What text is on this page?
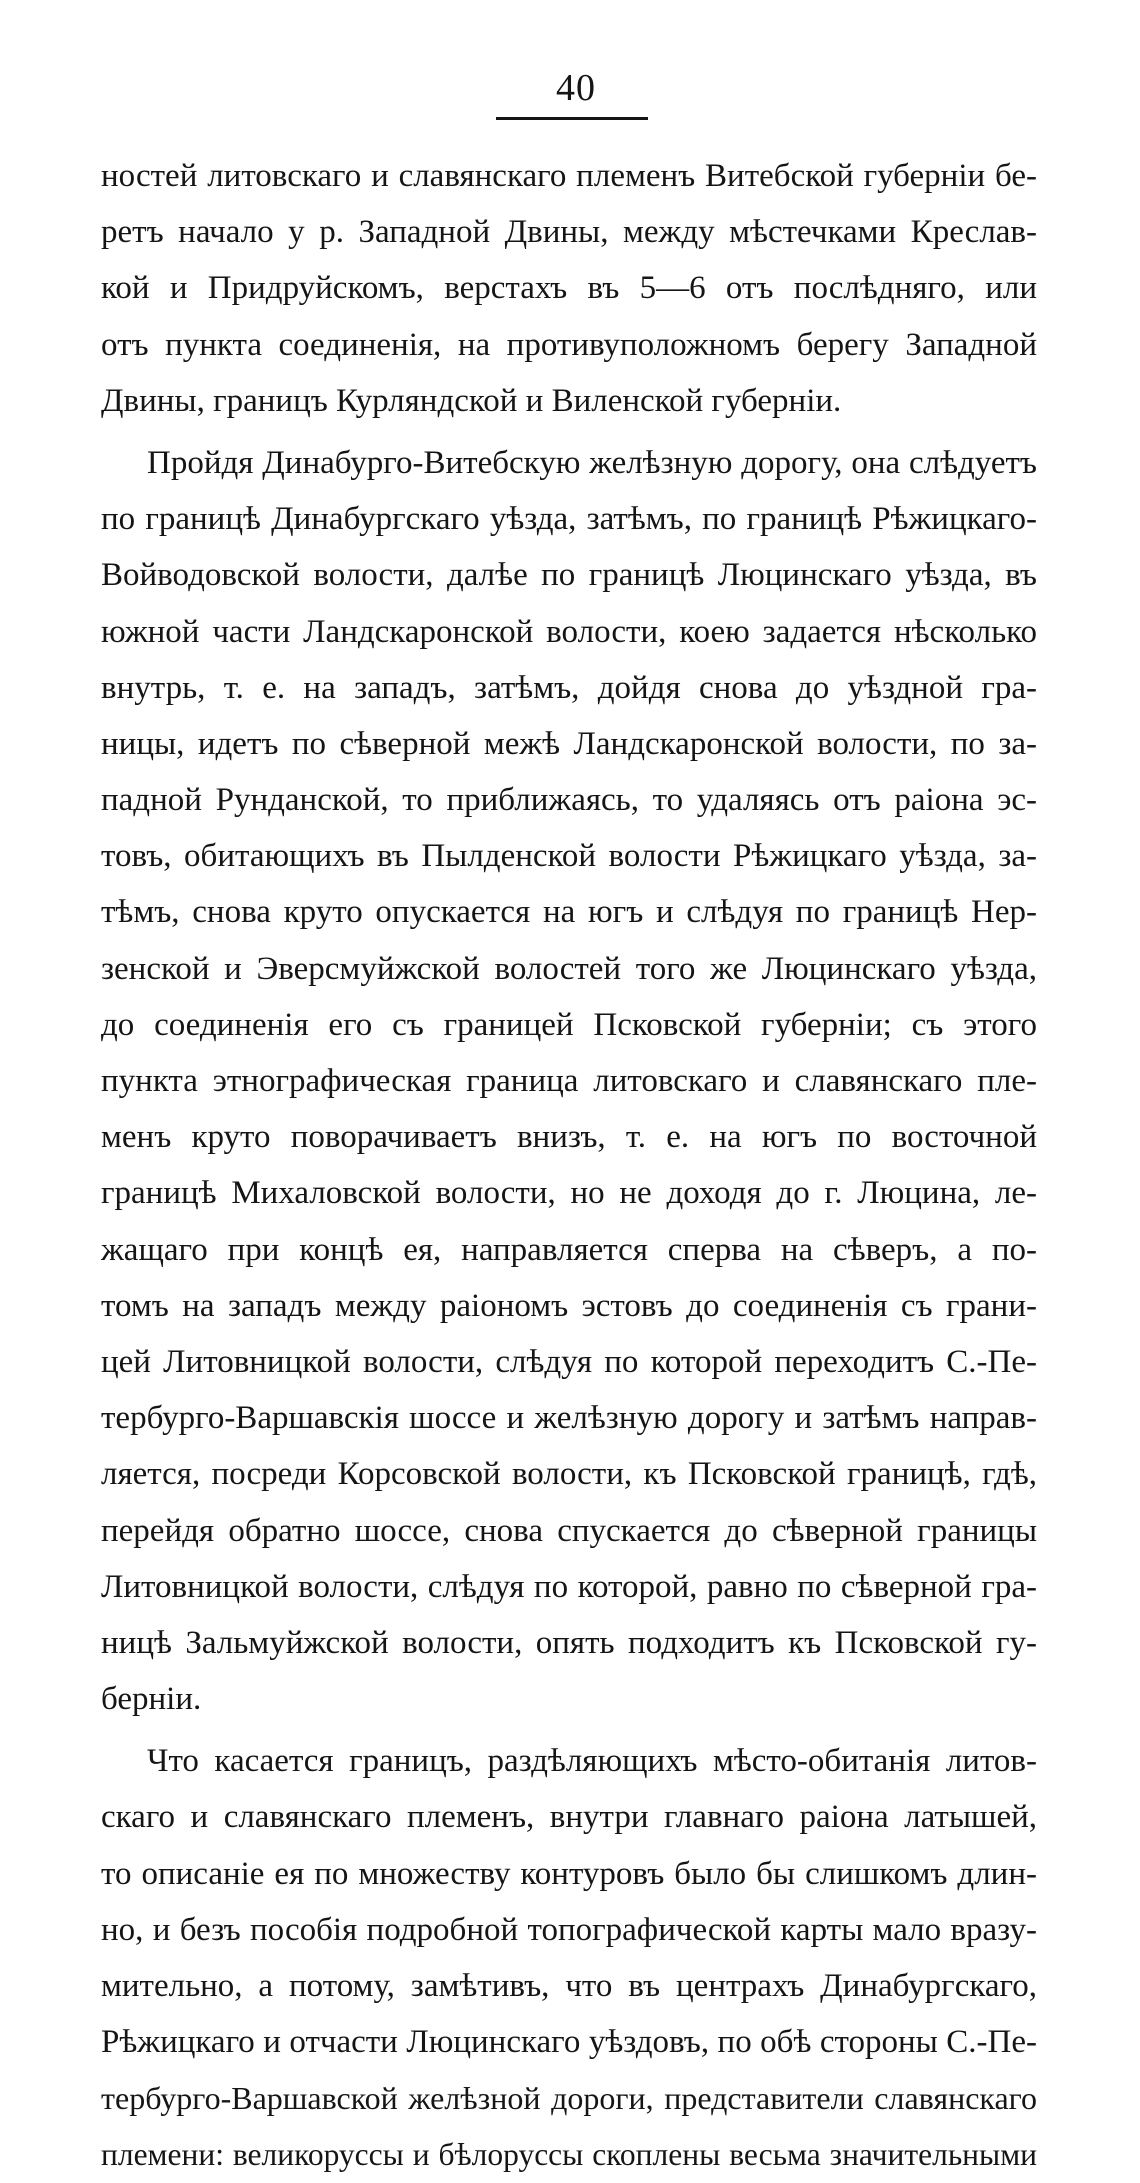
40

ностей литовскаго и славянскаго племенъ Витебской губерніи бе-
ретъ начало у р. Западной Двины, между мѣстечками Креслав-
кой и Придруйскомъ, верстахъ въ 5—6 отъ послѣдняго, или
отъ пункта соединенія, на противуположномъ берегу Западной
Двины, границъ Курляндской и Виленской губерніи.

Пройдя Динабурго-Витебскую желѣзную дорогу, она слѣдуетъ
по границѣ Динабургскаго уѣзда, затѣмъ, по границѣ Рѣжицкаго-
Войводовской волости, далѣе по границѣ Люцинскаго уѣзда, въ
южной части Ландскаронской волости, коею задается нѣсколько
внутрь, т. е. на западъ, затѣмъ, дойдя снова до уѣздной гра-
ницы, идетъ по сѣверной межѣ Ландскаронской волости, по за-
падной Рунданской, то приближаясь, то удаляясь отъ раіона эс-
товъ, обитающихъ въ Пылденской волости Рѣжицкаго уѣзда, за-
тѣмъ, снова круто опускается на югъ и слѣдуя по границѣ Нер-
зенской и Эверсмуйжской волостей того же Люцинскаго уѣзда,
до соединенія его съ границей Псковской губерніи; съ этого
пункта этнографическая граница литовскаго и славянскаго пле-
менъ круто поворачиваетъ внизъ, т. е. на югъ по восточной
границѣ Михаловской волости, но не доходя до г. Люцина, ле-
жащаго при концѣ ея, направляется сперва на сѣверъ, а по-
томъ на западъ между раіономъ эстовъ до соединенія съ грани-
цей Литовницкой волости, слѣдуя по которой переходитъ С.-Пе-
тербурго-Варшавскія шоссе и желѣзную дорогу и затѣмъ направ-
ляется, посреди Корсовской волости, къ Псковской границѣ, гдѣ,
перейдя обратно шоссе, снова спускается до сѣверной границы
Литовницкой волости, слѣдуя по которой, равно по сѣверной гра-
ницѣ Зальмуйжской волости, опять подходитъ къ Псковской гу-
берніи.

Что касается границъ, раздѣляющихъ мѣсто-обитанія литов-
скаго и славянскаго племенъ, внутри главнаго раіона латышей,
то описаніе ея по множеству контуровъ было бы слишкомъ длин-
но, и безъ пособія подробной топографической карты мало вразу-
мительно, а потому, замѣтивъ, что въ центрахъ Динабургскаго,
Рѣжицкаго и отчасти Люцинскаго уѣздовъ, по обѣ стороны С.-Пе-
тербурго-Варшавской желѣзной дороги, представители славянскаго
племени: великоруссы и бѣлоруссы скоплены весьма значительными
